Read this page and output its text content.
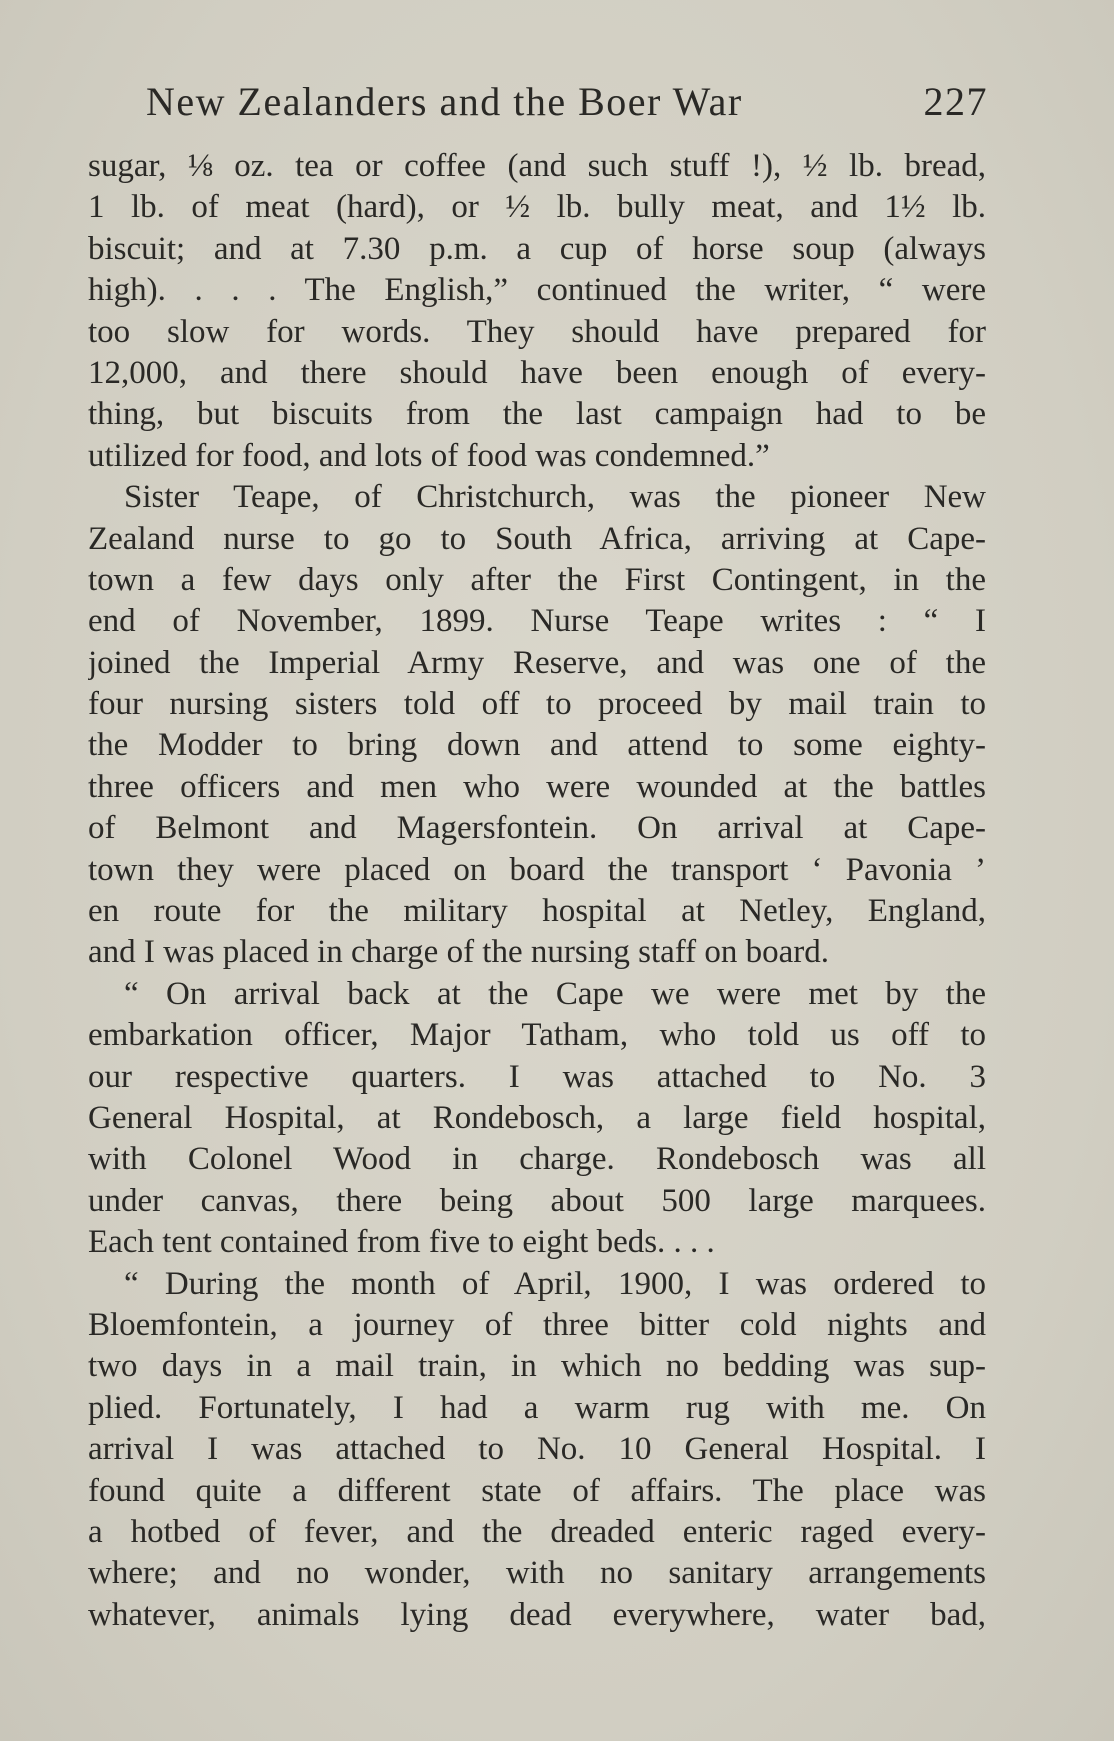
New Zealanders and the Boer War	227
sugar, ⅛ oz. tea or coffee (and such stuff !), ½ lb. bread,
1 lb. of meat (hard), or ½ lb. bully meat, and 1½ lb.
biscuit; and at 7.30 p.m. a cup of horse soup (always
high). . . . The English,” continued the writer, “ were
too slow for words. They should have prepared for
12,000, and there should have been enough of every-
thing, but biscuits from the last campaign had to be
utilized for food, and lots of food was condemned.”
Sister Teape, of Christchurch, was the pioneer New
Zealand nurse to go to South Africa, arriving at Cape-
town a few days only after the First Contingent, in the
end of November, 1899. Nurse Teape writes : “ I
joined the Imperial Army Reserve, and was one of the
four nursing sisters told off to proceed by mail train to
the Modder to bring down and attend to some eighty-
three officers and men who were wounded at the battles
of Belmont and Magersfontein. On arrival at Cape-
town they were placed on board the transport ‘ Pavonia ’
en route for the military hospital at Netley, England,
and I was placed in charge of the nursing staff on board.
“ On arrival back at the Cape we were met by the
embarkation officer, Major Tatham, who told us off to
our respective quarters. I was attached to No. 3
General Hospital, at Rondebosch, a large field hospital,
with Colonel Wood in charge. Rondebosch was all
under canvas, there being about 500 large marquees.
Each tent contained from five to eight beds. . . .
“ During the month of April, 1900, I was ordered to
Bloemfontein, a journey of three bitter cold nights and
two days in a mail train, in which no bedding was sup-
plied. Fortunately, I had a warm rug with me. On
arrival I was attached to No. 10 General Hospital. I
found quite a different state of affairs. The place was
a hotbed of fever, and the dreaded enteric raged every-
where; and no wonder, with no sanitary arrangements
whatever, animals lying dead everywhere, water bad,
